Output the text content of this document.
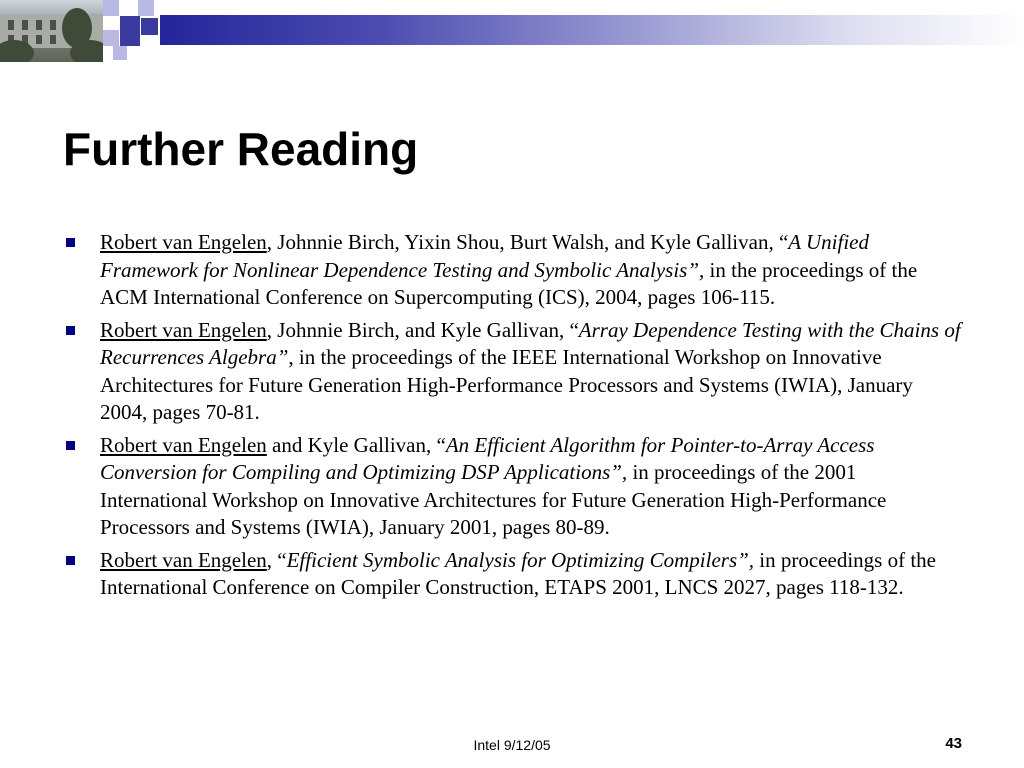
Further Reading
Robert van Engelen, Johnnie Birch, Yixin Shou, Burt Walsh, and Kyle Gallivan, “A Unified Framework for Nonlinear Dependence Testing and Symbolic Analysis”, in the proceedings of the ACM International Conference on Supercomputing (ICS), 2004, pages 106-115.
Robert van Engelen, Johnnie Birch, and Kyle Gallivan, “Array Dependence Testing with the Chains of Recurrences Algebra”, in the proceedings of the IEEE International Workshop on Innovative Architectures for Future Generation High-Performance Processors and Systems (IWIA), January 2004, pages 70-81.
Robert van Engelen and Kyle Gallivan, “An Efficient Algorithm for Pointer-to-Array Access Conversion for Compiling and Optimizing DSP Applications”, in proceedings of the 2001 International Workshop on Innovative Architectures for Future Generation High-Performance Processors and Systems (IWIA), January 2001, pages 80-89.
Robert van Engelen, “Efficient Symbolic Analysis for Optimizing Compilers”, in proceedings of the International Conference on Compiler Construction, ETAPS 2001, LNCS 2027, pages 118-132.
Intel 9/12/05	43
